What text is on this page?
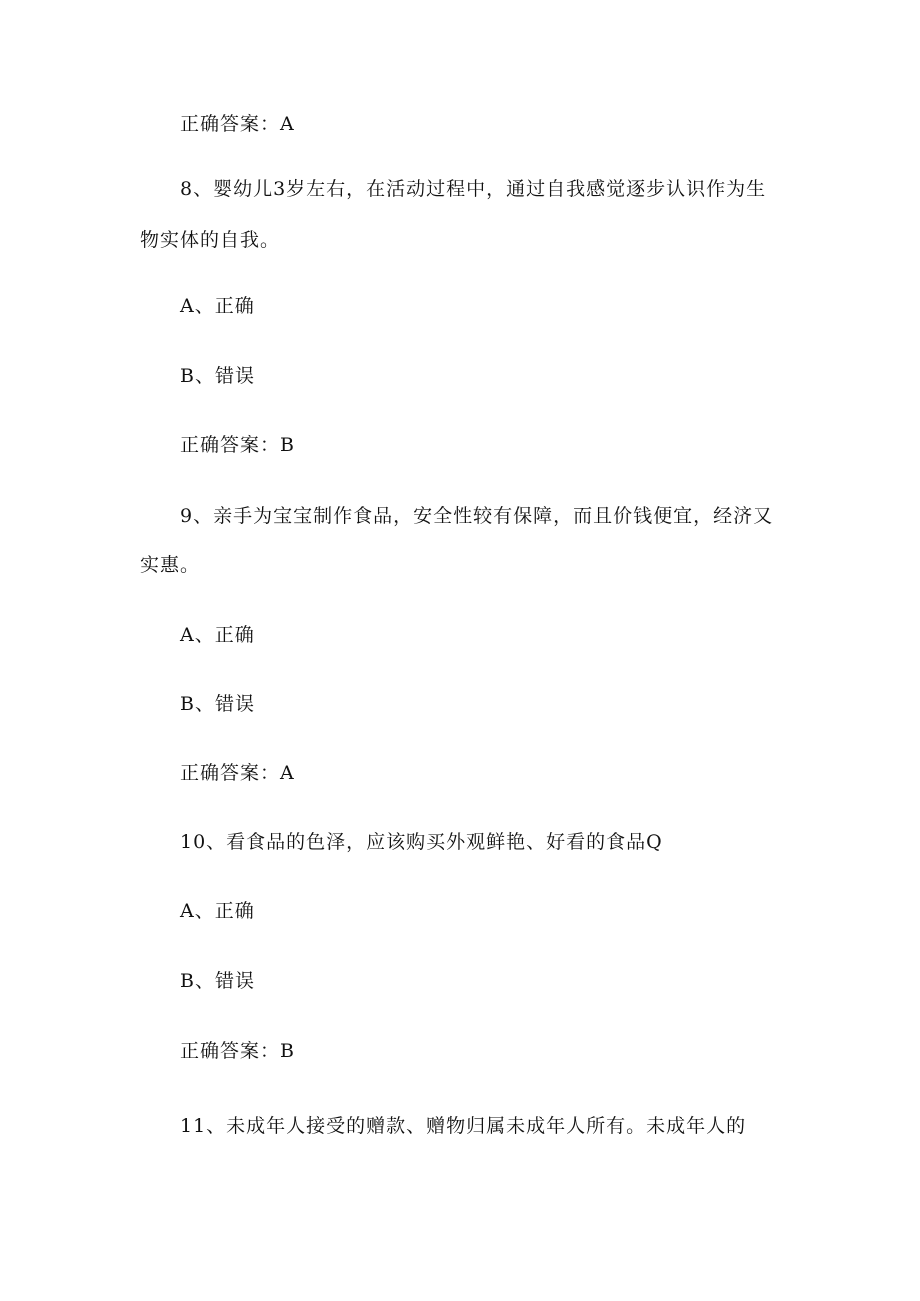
正确答案：A
8、婴幼儿3岁左右，在活动过程中，通过自我感觉逐步认识作为生
物实体的自我。
A、正确
B、错误
正确答案：B
9、亲手为宝宝制作食品，安全性较有保障，而且价钱便宜，经济又
实惠。
A、正确
B、错误
正确答案：A
10、看食品的色泽，应该购买外观鲜艳、好看的食品Q
A、正确
B、错误
正确答案：B
11、未成年人接受的赠款、赠物归属未成年人所有。未成年人的
